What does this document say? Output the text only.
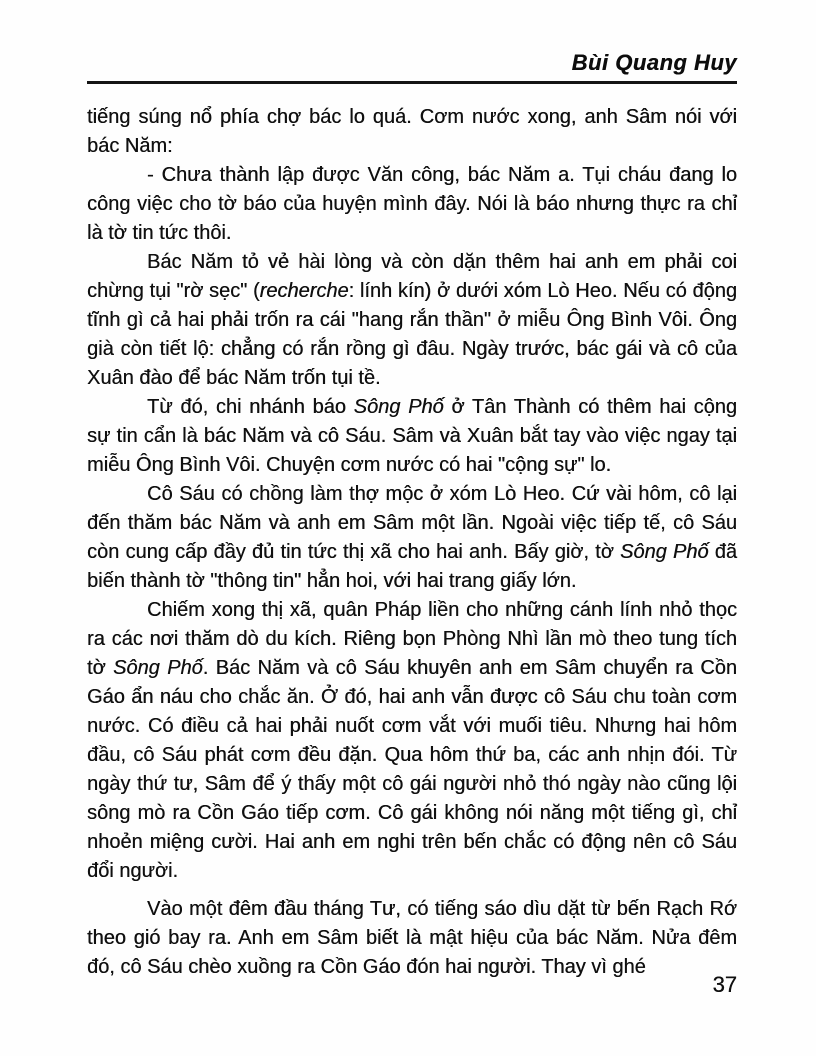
Bùi Quang Huy

tiếng súng nổ phía chợ bác lo quá. Cơm nước xong, anh Sâm nói với bác Năm:

- Chưa thành lập được Văn công, bác Năm a. Tụi cháu đang lo công việc cho tờ báo của huyện mình đây. Nói là báo nhưng thực ra chỉ là tờ tin tức thôi.

Bác Năm tỏ vẻ hài lòng và còn dặn thêm hai anh em phải coi chừng tụi "rờ sẹc" (recherche: lính kín) ở dưới xóm Lò Heo. Nếu có động tĩnh gì cả hai phải trốn ra cái "hang rắn thần" ở miễu Ông Bình Vôi. Ông già còn tiết lộ: chẳng có rắn rồng gì đâu. Ngày trước, bác gái và cô của Xuân đào để bác Năm trốn tụi tề.

Từ đó, chi nhánh báo Sông Phố ở Tân Thành có thêm hai cộng sự tin cẩn là bác Năm và cô Sáu. Sâm và Xuân bắt tay vào việc ngay tại miễu Ông Bình Vôi. Chuyện cơm nước có hai "cộng sự" lo.

Cô Sáu có chồng làm thợ mộc ở xóm Lò Heo. Cứ vài hôm, cô lại đến thăm bác Năm và anh em Sâm một lần. Ngoài việc tiếp tế, cô Sáu còn cung cấp đầy đủ tin tức thị xã cho hai anh. Bấy giờ, tờ Sông Phố đã biến thành tờ "thông tin" hẳn hoi, với hai trang giấy lớn.

Chiếm xong thị xã, quân Pháp liền cho những cánh lính nhỏ thọc ra các nơi thăm dò du kích. Riêng bọn Phòng Nhì lần mò theo tung tích tờ Sông Phố. Bác Năm và cô Sáu khuyên anh em Sâm chuyển ra Cồn Gáo ẩn náu cho chắc ăn. Ở đó, hai anh vẫn được cô Sáu chu toàn cơm nước. Có điều cả hai phải nuốt cơm vắt với muối tiêu. Nhưng hai hôm đầu, cô Sáu phát cơm đều đặn. Qua hôm thứ ba, các anh nhịn đói. Từ ngày thứ tư, Sâm để ý thấy một cô gái người nhỏ thó ngày nào cũng lội sông mò ra Cồn Gáo tiếp cơm. Cô gái không nói năng một tiếng gì, chỉ nhoẻn miệng cười. Hai anh em nghi trên bến chắc có động nên cô Sáu đổi người.

Vào một đêm đầu tháng Tư, có tiếng sáo dìu dặt từ bến Rạch Rớ theo gió bay ra. Anh em Sâm biết là mật hiệu của bác Năm. Nửa đêm đó, cô Sáu chèo xuồng ra Cồn Gáo đón hai người. Thay vì ghé

37
